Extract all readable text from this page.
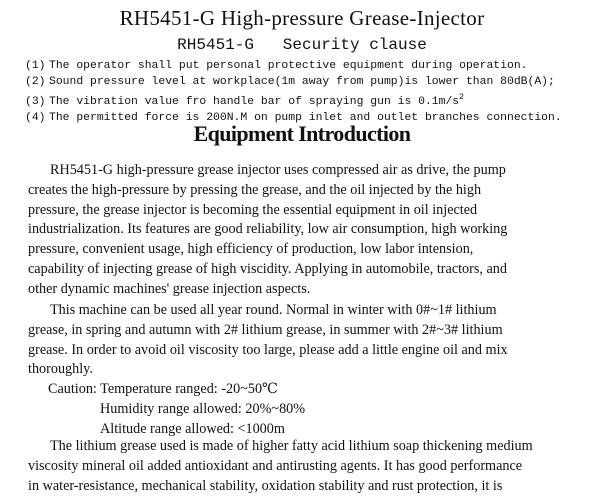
RH5451-G High-pressure Grease-Injector
RH5451-G   Security clause
(1) The operator shall put personal protective equipment during operation.
(2) Sound pressure level at workplace(1m away from pump)is lower than 80dB(A);
(3) The vibration value fro handle bar of spraying gun is $0.1m/s^2$
(4) The permitted force is 200N.M on pump inlet and outlet branches connection.
Equipment Introduction

RH5451-G high-pressure grease injector uses compressed air as drive, the pump
creates the high-pressure by pressing the grease, and the oil injected by the high
pressure, the grease injector is becoming the essential equipment in oil injected
industrialization. Its features are good reliability, low air consumption, high working
pressure, convenient usage, high efficiency of production, low labor intension,
capability of injecting grease of high viscidity. Applying in automobile, tractors, and
other dynamic machines' grease injection aspects.

This machine can be used all year round. Normal in winter with 0#~1# lithium
grease, in spring and autumn with 2# lithium grease, in summer with 2#~3# lithium
grease. In order to avoid oil viscosity too large, please add a little engine oil and mix
thoroughly.

Caution: Temperature ranged: -20~50℃
Humidity range allowed: 20%~80%
Altitude range allowed: <1000m

The lithium grease used is made of higher fatty acid lithium soap thickening medium
viscosity mineral oil added antioxidant and antirusting agents. It has good performance
in water-resistance, mechanical stability, oxidation stability and rust protection, it is
